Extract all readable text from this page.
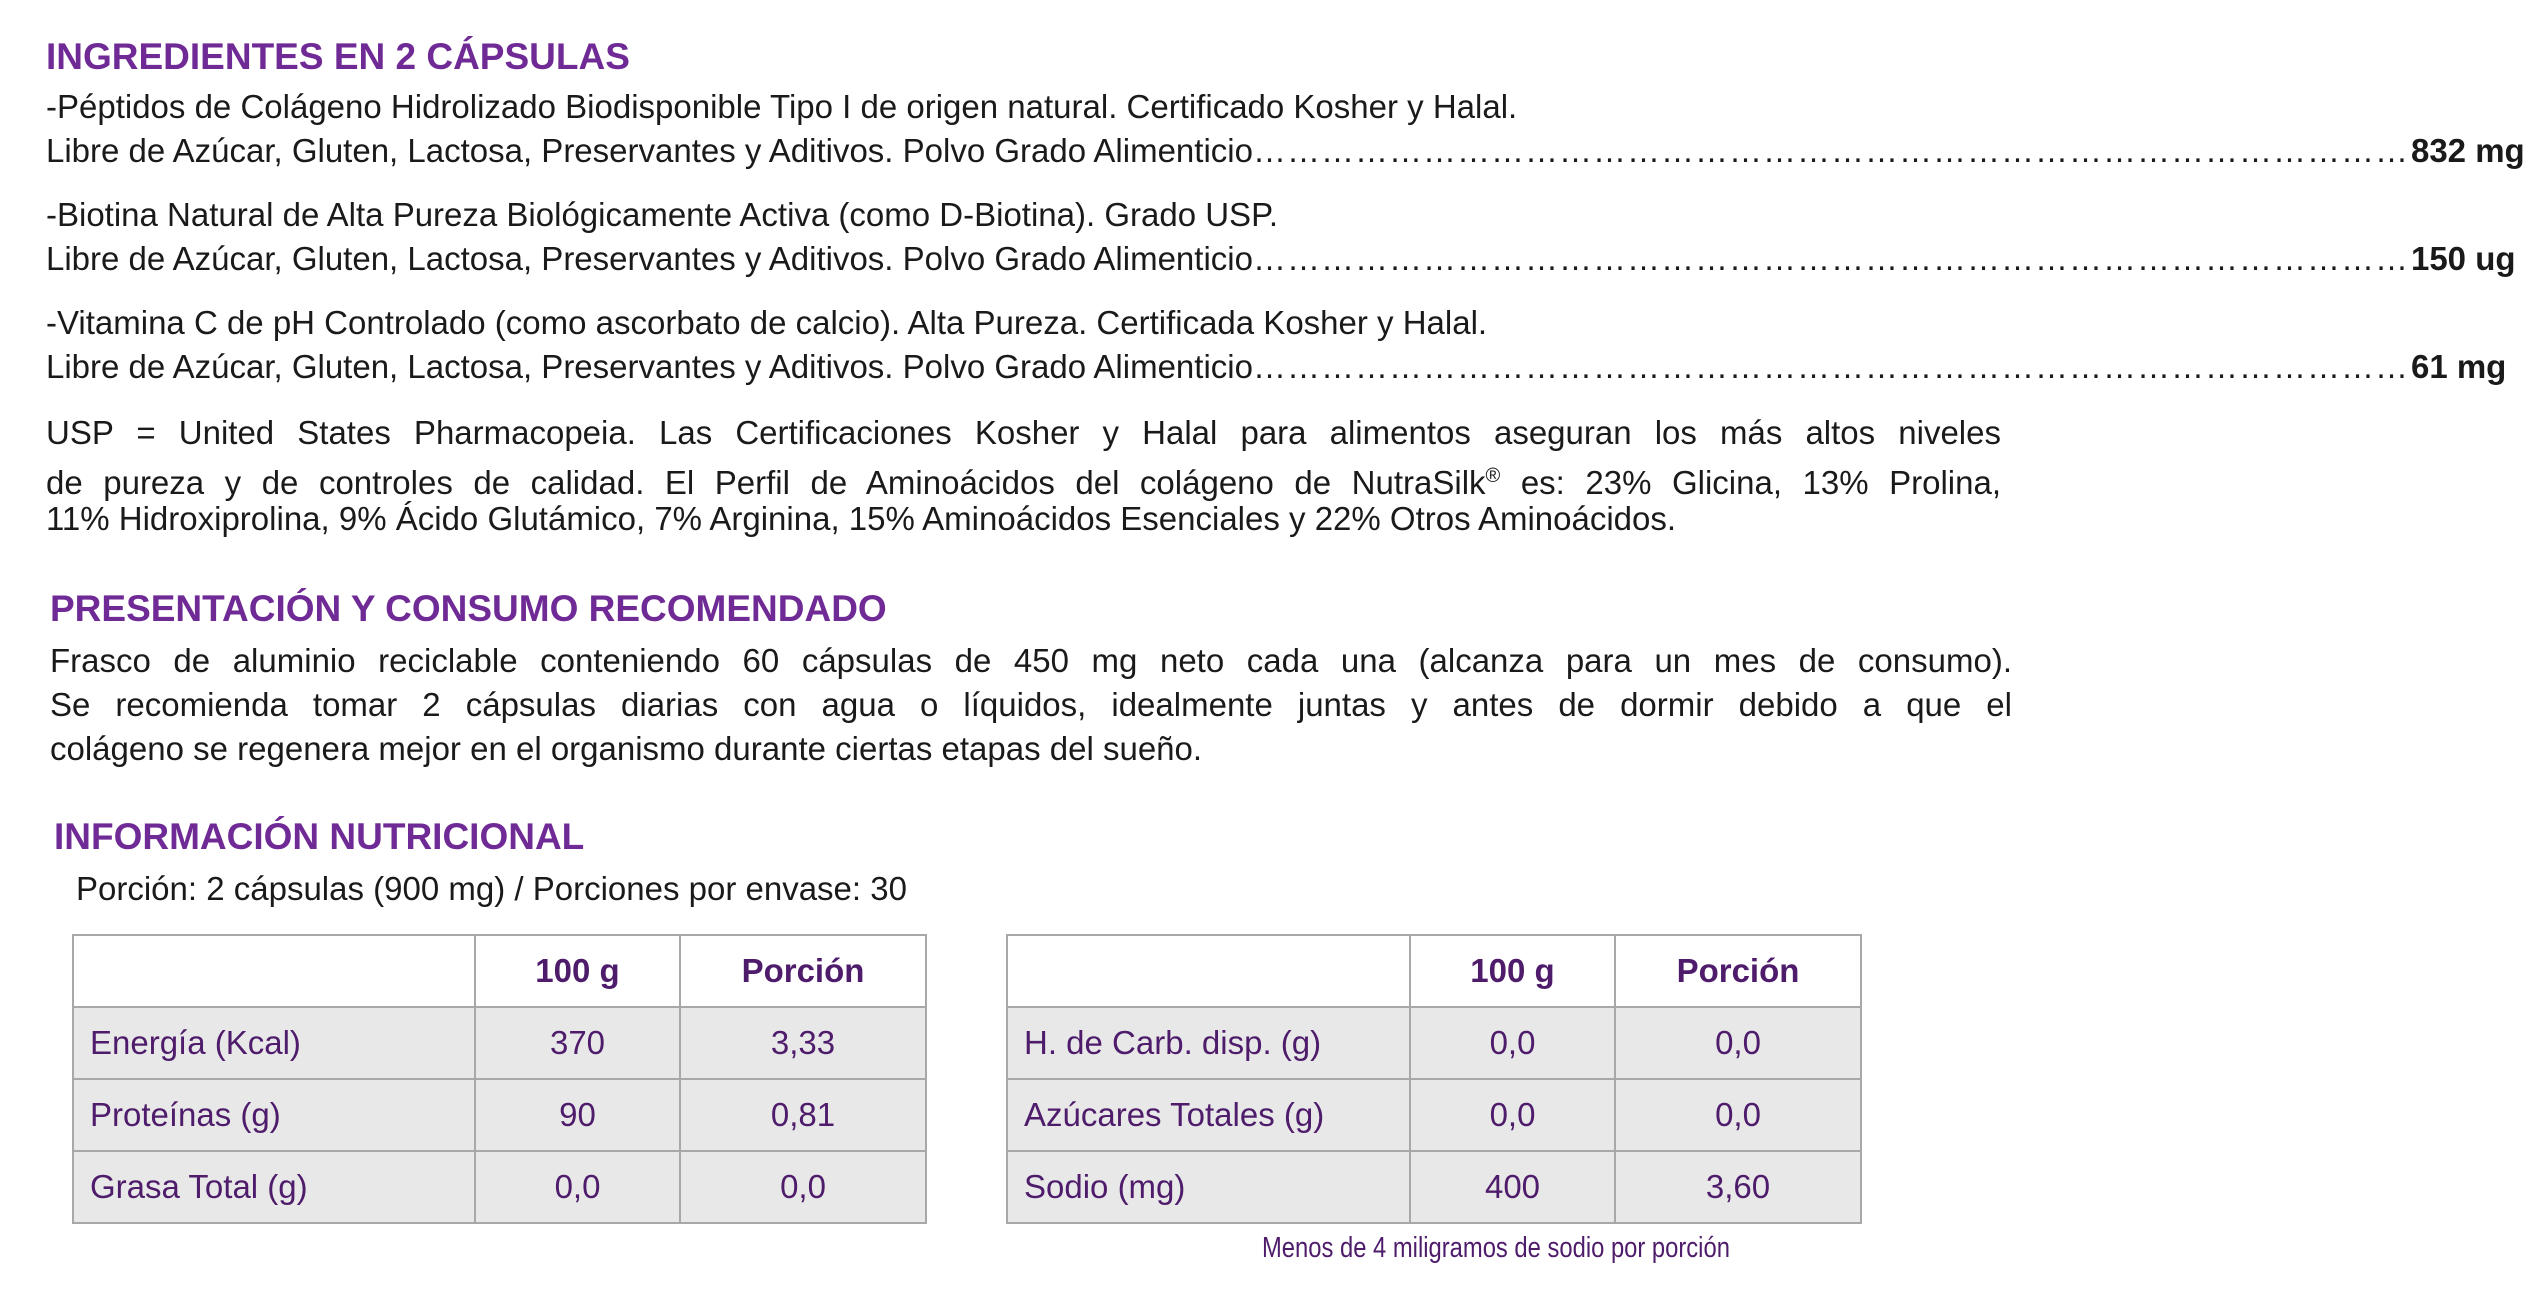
INGREDIENTES EN 2 CÁPSULAS

-Péptidos de Colágeno Hidrolizado Biodisponible Tipo I de origen natural. Certificado Kosher y Halal.

Libre de Azúcar, Gluten, Lactosa, Preservantes y Aditivos. Polvo Grado Alimenticio ………………………………………………………………………………………… 832 mg

-Biotina Natural de Alta Pureza Biológicamente Activa (como D-Biotina). Grado USP.

Libre de Azúcar, Gluten, Lactosa, Preservantes y Aditivos. Polvo Grado Alimenticio ………………………………………………………………………………………… 150 ug

-Vitamina C de pH Controlado (como ascorbato de calcio). Alta Pureza. Certificada Kosher y Halal.

Libre de Azúcar, Gluten, Lactosa, Preservantes y Aditivos. Polvo Grado Alimenticio ………………………………………………………………………………………… 61 mg

USP = United States Pharmacopeia. Las Certificaciones Kosher y Halal para alimentos aseguran los más altos niveles

de pureza y de controles de calidad. El Perfil de Aminoácidos del colágeno de NutraSilk® es: 23% Glicina, 13% Prolina,

11% Hidroxiprolina, 9% Ácido Glutámico, 7% Arginina, 15% Aminoácidos Esenciales y 22% Otros Aminoácidos.

PRESENTACIÓN Y CONSUMO RECOMENDADO

Frasco de aluminio reciclable conteniendo 60 cápsulas de 450 mg neto cada una (alcanza para un mes de consumo).

Se recomienda tomar 2 cápsulas diarias con agua o líquidos, idealmente juntas y antes de dormir debido a que el

colágeno se regenera mejor en el organismo durante ciertas etapas del sueño.

INFORMACIÓN NUTRICIONAL

Porción: 2 cápsulas (900 mg) / Porciones por envase: 30

	100 g	Porción
Energía (Kcal)	370	3,33
Proteínas (g)	90	0,81
Grasa Total (g)	0,0	0,0
	100 g	Porción
H. de Carb. disp. (g)	0,0	0,0
Azúcares Totales (g)	0,0	0,0
Sodio (mg)	400	3,60
Menos de 4 miligramos de sodio por porción
